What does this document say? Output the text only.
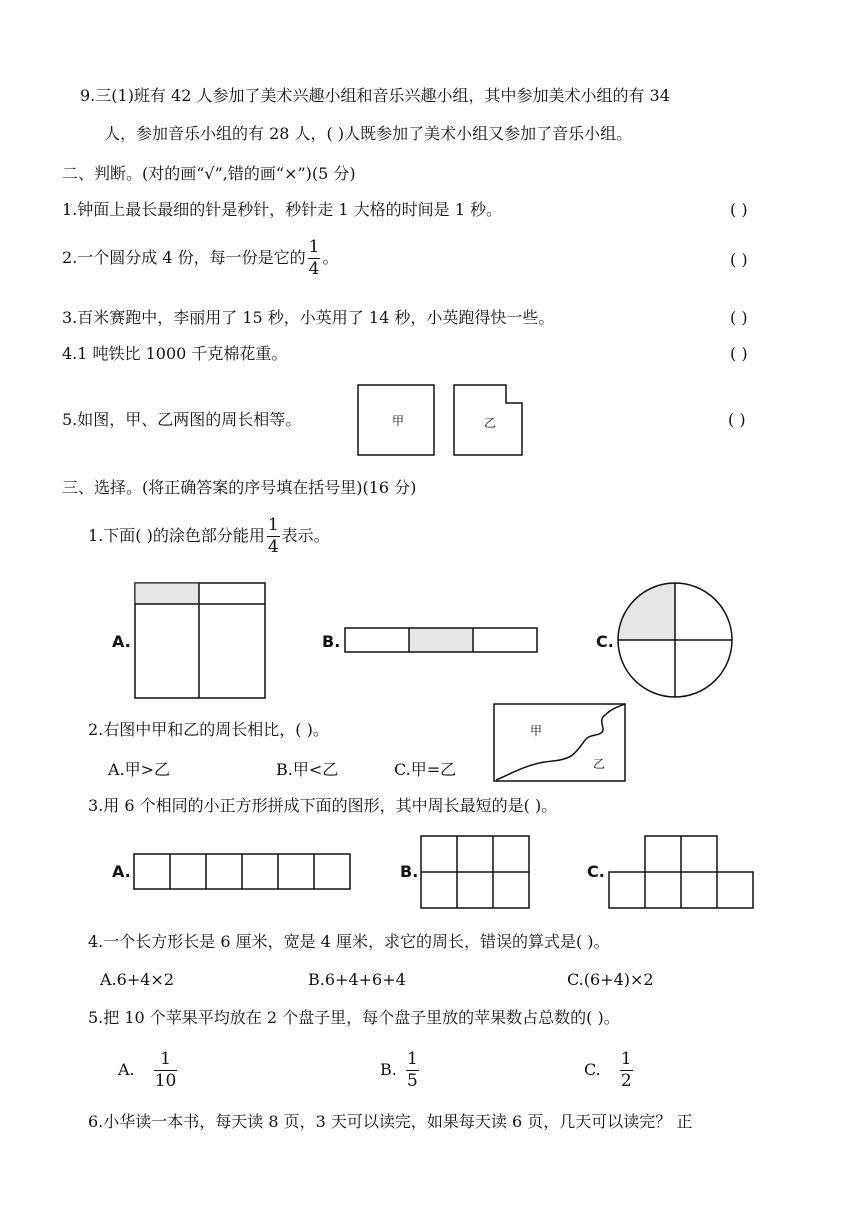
9.三(1)班有 42 人参加了美术兴趣小组和音乐兴趣小组，其中参加美术小组的有 34
人，参加音乐小组的有 28 人，( )人既参加了美术小组又参加了音乐小组。
二、判断。(对的画“√”,错的画“×”)(5 分)
1.钟面上最长最细的针是秒针，秒针走 1 大格的时间是 1 秒。	( )
2.一个圆分成 4 份，每一份是它的 $\frac{1}{4}$ 。	( )
3.百米赛跑中，李丽用了 15 秒，小英用了 14 秒，小英跑得快一些。	( )
4.1 吨铁比 1000 千克棉花重。	( )
5.如图，甲、乙两图的周长相等。	( )
甲	乙
三、选择。(将正确答案的序号填在括号里)(16 分)
1.下面( )的涂色部分能用 $\frac{1}{4}$ 表示。
A.	B.	C.
2.右图中甲和乙的周长相比，( )。
A.甲>乙	B.甲<乙	C.甲=乙
甲
乙
3.用 6 个相同的小正方形拼成下面的图形，其中周长最短的是( )。
A.	B.	C.
4.一个长方形长是 6 厘米，宽是 4 厘米，求它的周长，错误的算式是( )。
A.6+4×2	B.6+4+6+4	C.(6+4)×2
5.把 10 个苹果平均放在 2 个盘子里，每个盘子里放的苹果数占总数的( )。
A. $\frac{1}{10}$	B. $\frac{1}{5}$	C. $\frac{1}{2}$
6.小华读一本书，每天读 8 页，3 天可以读完，如果每天读 6 页，几天可以读完？ 正
